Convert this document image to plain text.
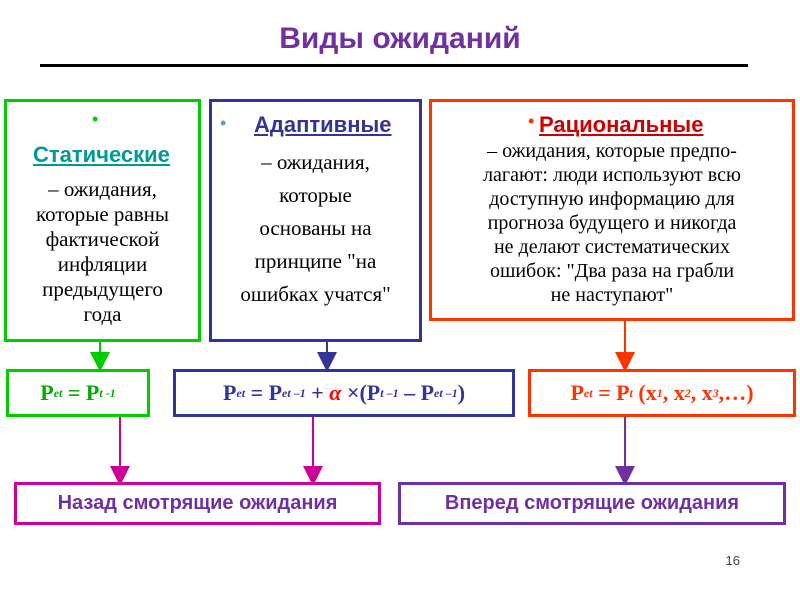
Виды ожиданий
•
Статические
– ожидания,
которые равны
фактической
инфляции
предыдущего
года
• Адаптивные
– ожидания,
которые
основаны на
принципе "на
ошибках учатся"
• Рациональные
– ожидания, которые предпо-
лагают: люди используют всю
доступную информацию для
прогноза будущего и никогда
не делают систематических
ошибок: "Два раза на грабли
не наступают"
P e t
= P t -1	P e t
= P e t –1
+
α
×(P t –1
– P e t –1 )	P e t
= P t
(x 1 , x 2 , x 3 ,…)
Назад смотрящие ожидания	Вперед смотрящие ожидания
16
